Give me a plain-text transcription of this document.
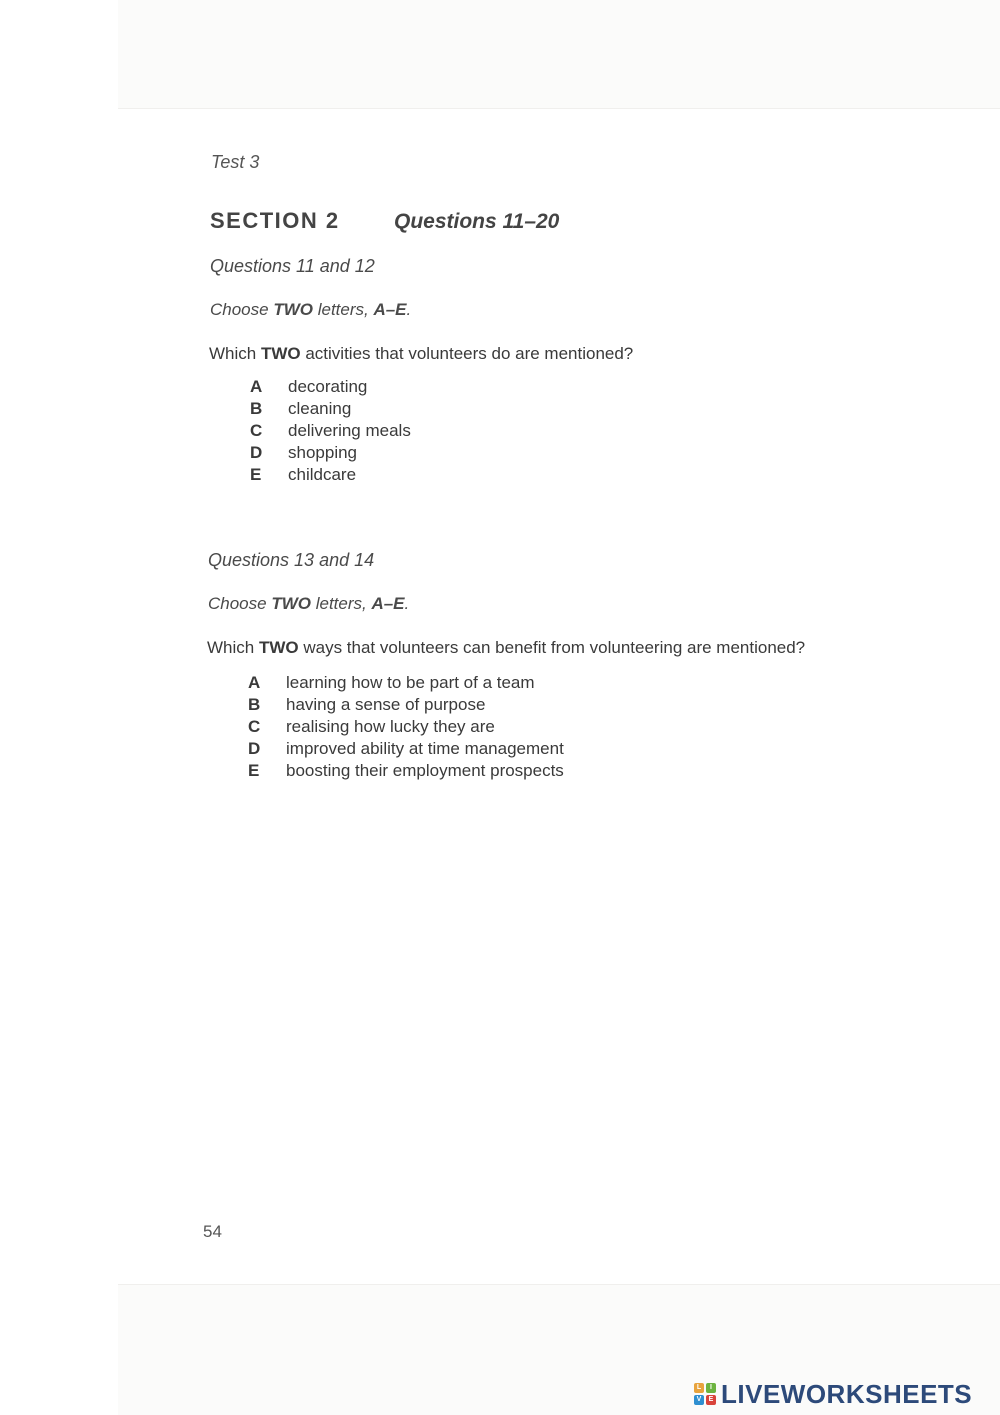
Test 3
SECTION 2	Questions 11–20
Questions 11 and 12
Choose TWO letters, A–E.
Which TWO activities that volunteers do are mentioned?
A decorating
B cleaning
C delivering meals
D shopping
E childcare
Questions 13 and 14
Choose TWO letters, A–E.
Which TWO ways that volunteers can benefit from volunteering are mentioned?
A learning how to be part of a team
B having a sense of purpose
C realising how lucky they are
D improved ability at time management
E boosting their employment prospects
54
L	I
V	E LIVEWORKSHEETS
